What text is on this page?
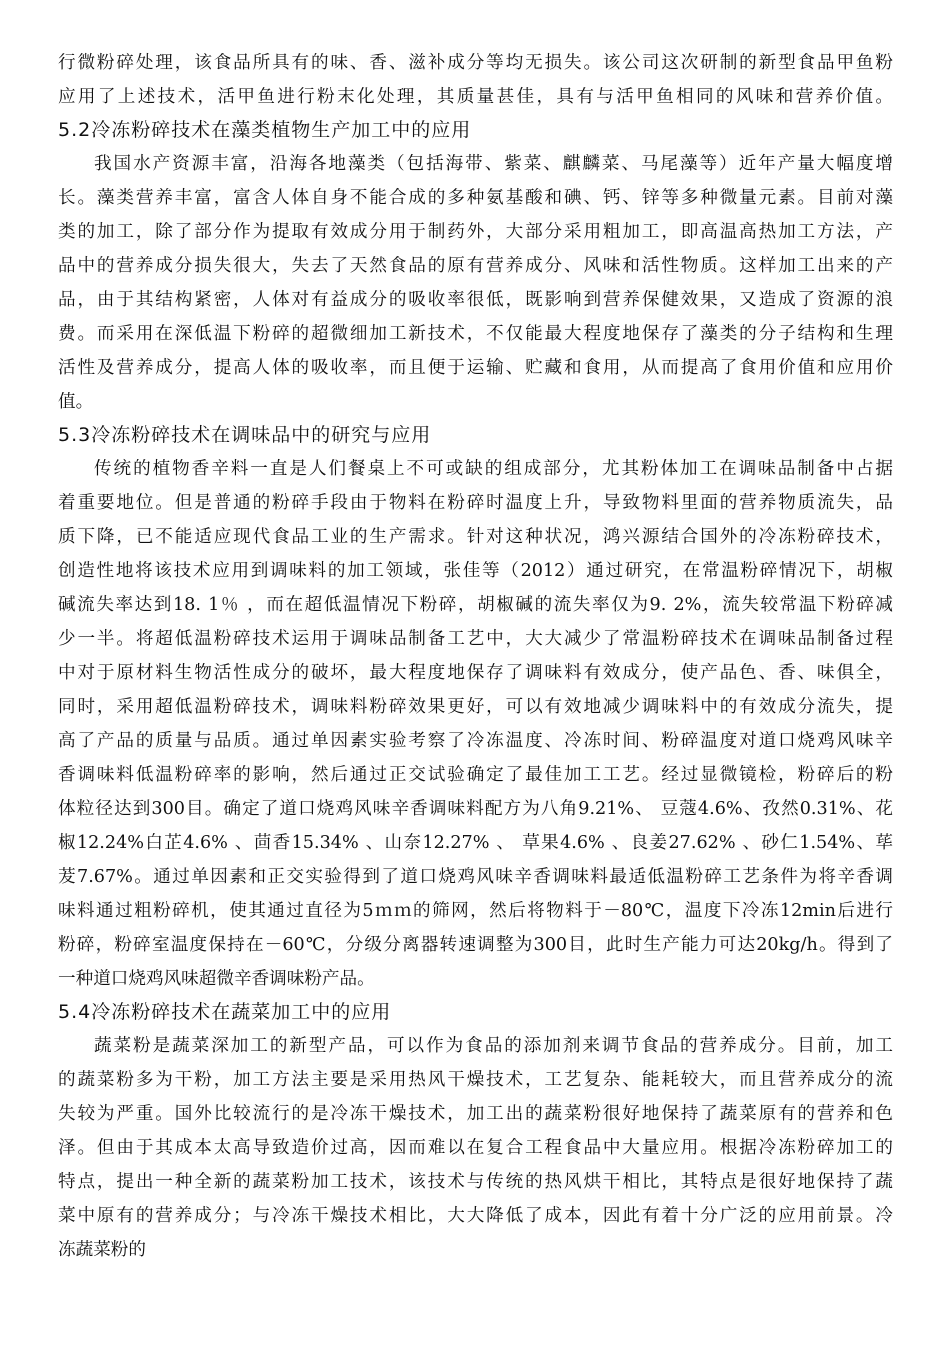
行微粉碎处理，该食品所具有的味、香、滋补成分等均无损失。该公司这次研制的新型食品甲鱼粉
应用了上述技术，活甲鱼进行粉末化处理，其质量甚佳，具有与活甲鱼相同的风味和营养价值。
5.2冷冻粉碎技术在藻类植物生产加工中的应用
我国水产资源丰富，沿海各地藻类（包括海带、紫菜、麒麟菜、马尾藻等）近年产量大幅度增
长。藻类营养丰富，富含人体自身不能合成的多种氨基酸和碘、钙、锌等多种微量元素。目前对藻
类的加工，除了部分作为提取有效成分用于制药外，大部分采用粗加工，即高温高热加工方法，产
品中的营养成分损失很大，失去了天然食品的原有营养成分、风味和活性物质。这样加工出来的产
品，由于其结构紧密，人体对有益成分的吸收率很低，既影响到营养保健效果，又造成了资源的浪
费。而采用在深低温下粉碎的超微细加工新技术，不仅能最大程度地保存了藻类的分子结构和生理
活性及营养成分，提高人体的吸收率，而且便于运输、贮藏和食用，从而提高了食用价值和应用价
值。
5.3冷冻粉碎技术在调味品中的研究与应用
传统的植物香辛料一直是人们餐桌上不可或缺的组成部分，尤其粉体加工在调味品制备中占据
着重要地位。但是普通的粉碎手段由于物料在粉碎时温度上升，导致物料里面的营养物质流失，品
质下降，已不能适应现代食品工业的生产需求。针对这种状况，鸿兴源结合国外的冷冻粉碎技术，
创造性地将该技术应用到调味料的加工领域，张佳等（2012）通过研究，在常温粉碎情况下，胡椒
碱流失率达到18. 1％ ，而在超低温情况下粉碎，胡椒碱的流失率仅为9. 2%，流失较常温下粉碎减
少一半。将超低温粉碎技术运用于调味品制备工艺中，大大减少了常温粉碎技术在调味品制备过程
中对于原材料生物活性成分的破坏，最大程度地保存了调味料有效成分，使产品色、香、味俱全，
同时，采用超低温粉碎技术，调味料粉碎效果更好，可以有效地减少调味料中的有效成分流失，提
高了产品的质量与品质。通过单因素实验考察了冷冻温度、冷冻时间、粉碎温度对道口烧鸡风味辛
香调味料低温粉碎率的影响，然后通过正交试验确定了最佳加工工艺。经过显微镜检，粉碎后的粉
体粒径达到300目。确定了道口烧鸡风味辛香调味料配方为八角9.21%、 豆蔻4.6%、孜然0.31%、花
椒12.24%白芷4.6% 、茴香15.34% 、山奈12.27% 、 草果4.6% 、良姜27.62% 、砂仁1.54%、荜
茇7.67%。通过单因素和正交实验得到了道口烧鸡风味辛香调味料最适低温粉碎工艺条件为将辛香调
味料通过粗粉碎机，使其通过直径为5ｍｍ的筛网，然后将物料于－80℃，温度下冷冻12min后进行
粉碎，粉碎室温度保持在－60℃，分级分离器转速调整为300目，此时生产能力可达20kg/h。得到了
一种道口烧鸡风味超微辛香调味粉产品。
5.4冷冻粉碎技术在蔬菜加工中的应用
蔬菜粉是蔬菜深加工的新型产品，可以作为食品的添加剂来调节食品的营养成分。目前，加工
的蔬菜粉多为干粉，加工方法主要是采用热风干燥技术，工艺复杂、能耗较大，而且营养成分的流
失较为严重。国外比较流行的是冷冻干燥技术，加工出的蔬菜粉很好地保持了蔬菜原有的营养和色
泽。但由于其成本太高导致造价过高，因而难以在复合工程食品中大量应用。根据冷冻粉碎加工的
特点，提出一种全新的蔬菜粉加工技术，该技术与传统的热风烘干相比，其特点是很好地保持了蔬
菜中原有的营养成分；与冷冻干燥技术相比，大大降低了成本，因此有着十分广泛的应用前景。冷
冻蔬菜粉的
